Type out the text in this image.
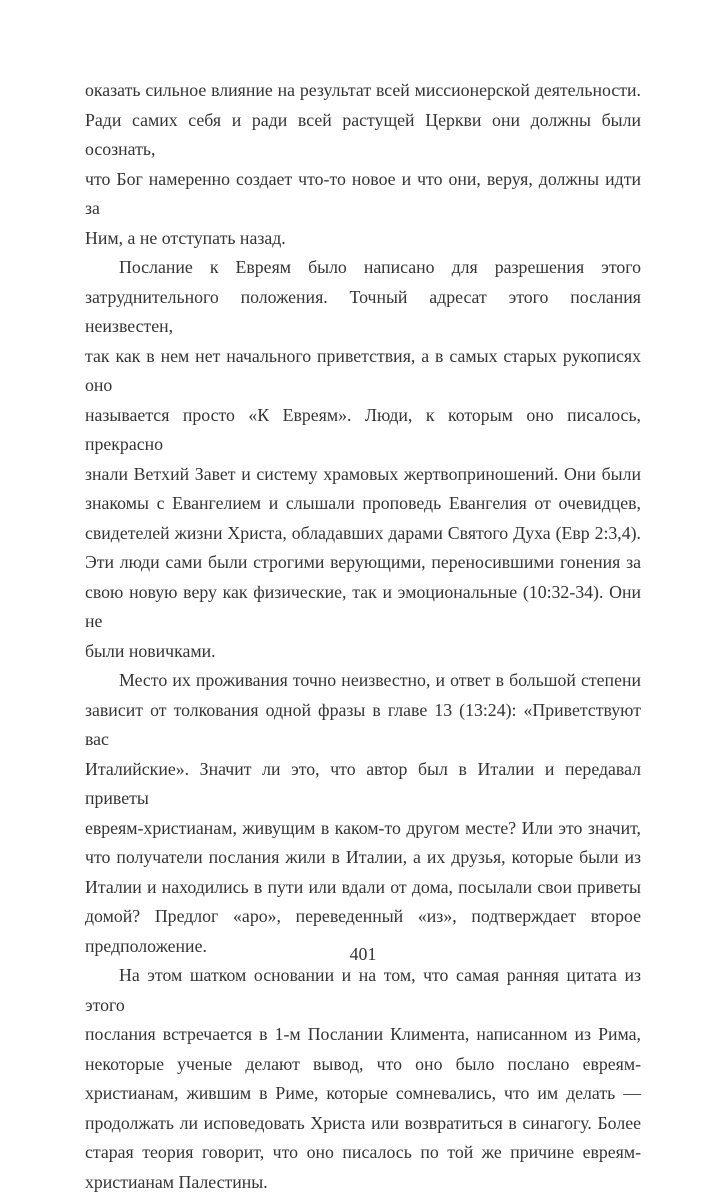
оказать сильное влияние на результат всей миссионерской деятельности.
Ради самих себя и ради всей растущей Церкви они должны были осознать,
что Бог намеренно создает что-то новое и что они, веруя, должны идти за
Ним, а не отступать назад.
Послание к Евреям было написано для разрешения этого
затруднительного положения. Точный адресат этого послания неизвестен,
так как в нем нет начального приветствия, а в самых старых рукописях оно
называется просто «К Евреям». Люди, к которым оно писалось, прекрасно
знали Ветхий Завет и систему храмовых жертвоприношений. Они были
знакомы с Евангелием и слышали проповедь Евангелия от очевидцев,
свидетелей жизни Христа, обладавших дарами Святого Духа (Евр 2:3,4).
Эти люди сами были строгими верующими, переносившими гонения за
свою новую веру как физические, так и эмоциональные (10:32-34). Они не
были новичками.
Место их проживания точно неизвестно, и ответ в большой степени
зависит от толкования одной фразы в главе 13 (13:24): «Приветствуют вас
Италийские». Значит ли это, что автор был в Италии и передавал приветы
евреям-христианам, живущим в каком-то другом месте? Или это значит,
что получатели послания жили в Италии, а их друзья, которые были из
Италии и находились в пути или вдали от дома, посылали свои приветы
домой? Предлог «аро», переведенный «из», подтверждает второе
предположение.
На этом шатком основании и на том, что самая ранняя цитата из этого
послания встречается в 1-м Послании Климента, написанном из Рима,
некоторые ученые делают вывод, что оно было послано евреям-
христианам, жившим в Риме, которые сомневались, что им делать —
продолжать ли исповедовать Христа или возвратиться в синагогу. Более
старая теория говорит, что оно писалось по той же причине евреям-
христианам Палестины.
401
